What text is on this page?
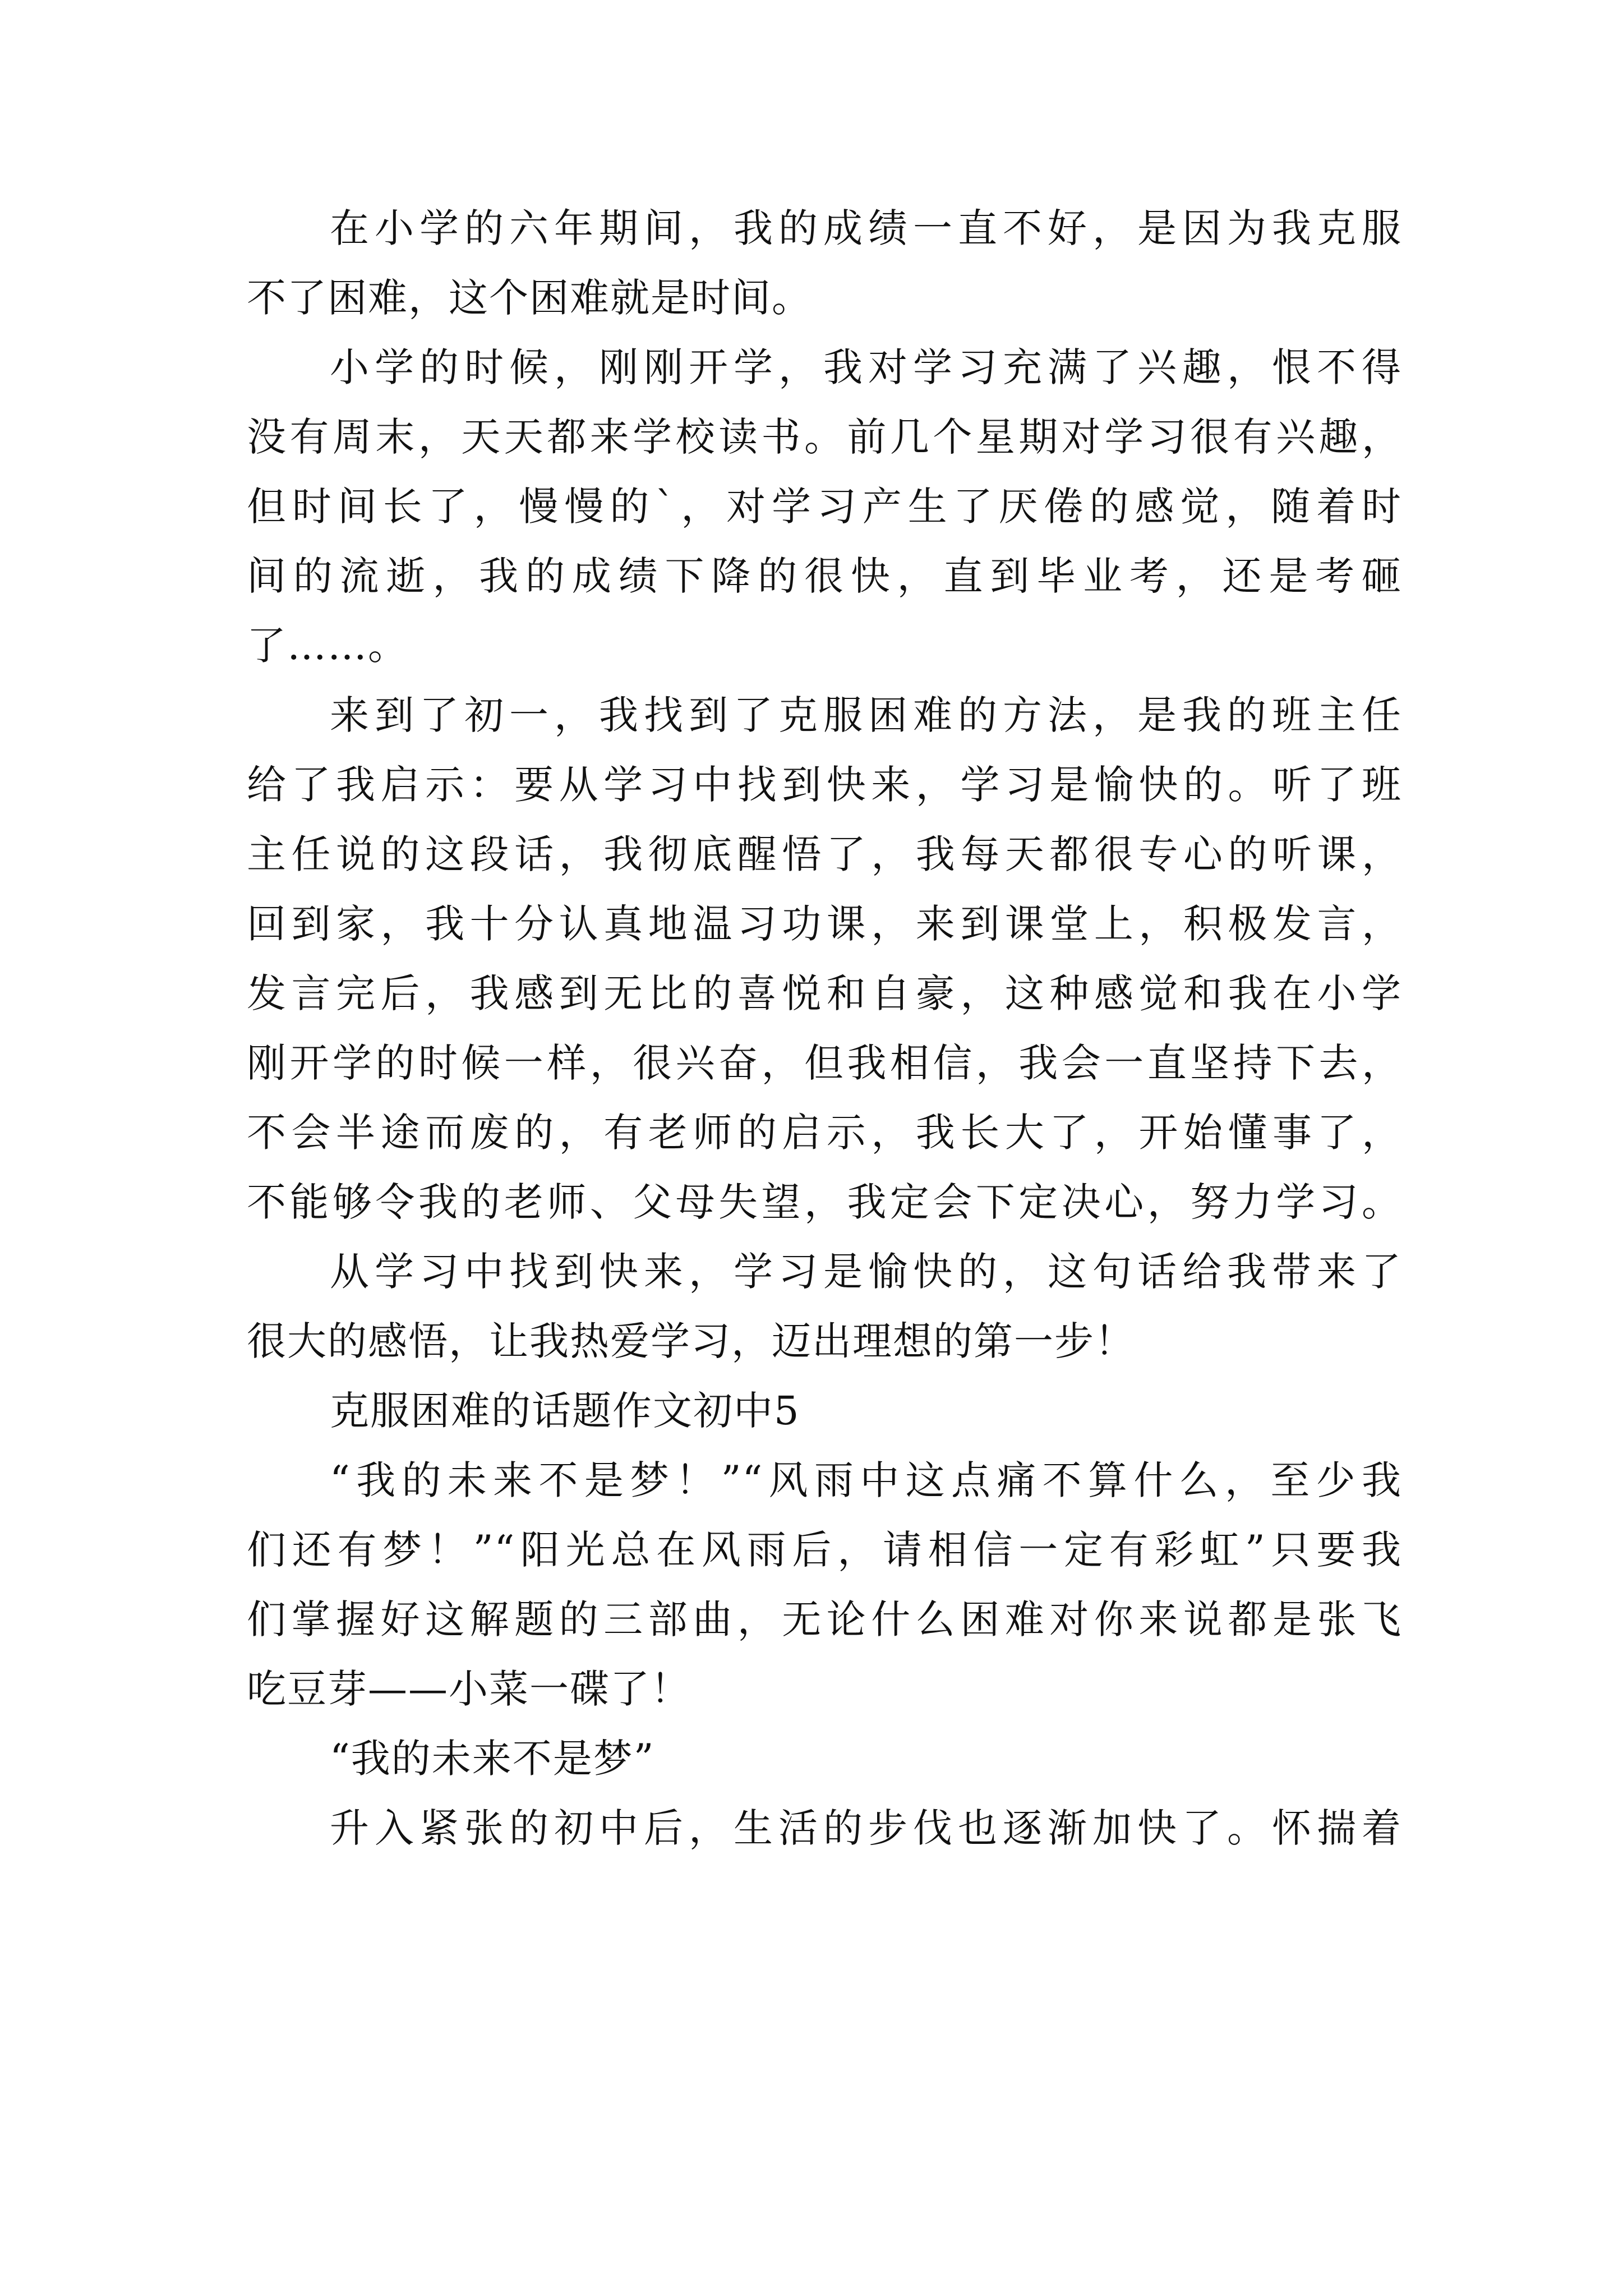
在小学的六年期间，我的成绩一直不好，是因为我克服
不了困难，这个困难就是时间。
小学的时候，刚刚开学，我对学习充满了兴趣，恨不得
没有周末，天天都来学校读书。前几个星期对学习很有兴趣，
但时间长了，慢慢的`，对学习产生了厌倦的感觉，随着时
间的流逝，我的成绩下降的很快，直到毕业考，还是考砸
了……。
来到了初一，我找到了克服困难的方法，是我的班主任
给了我启示：要从学习中找到快来，学习是愉快的。听了班
主任说的这段话，我彻底醒悟了，我每天都很专心的听课，
回到家，我十分认真地温习功课，来到课堂上，积极发言，
发言完后，我感到无比的喜悦和自豪，这种感觉和我在小学
刚开学的时候一样，很兴奋，但我相信，我会一直坚持下去，
不会半途而废的，有老师的启示，我长大了，开始懂事了，
不能够令我的老师、父母失望，我定会下定决心，努力学习。
从学习中找到快来，学习是愉快的，这句话给我带来了
很大的感悟，让我热爱学习，迈出理想的第一步！
克服困难的话题作文初中5
“我的未来不是梦！”“风雨中这点痛不算什么，至少我
们还有梦！”“阳光总在风雨后，请相信一定有彩虹”只要我
们掌握好这解题的三部曲，无论什么困难对你来说都是张飞
吃豆芽——小菜一碟了！
“我的未来不是梦”
升入紧张的初中后，生活的步伐也逐渐加快了。怀揣着
